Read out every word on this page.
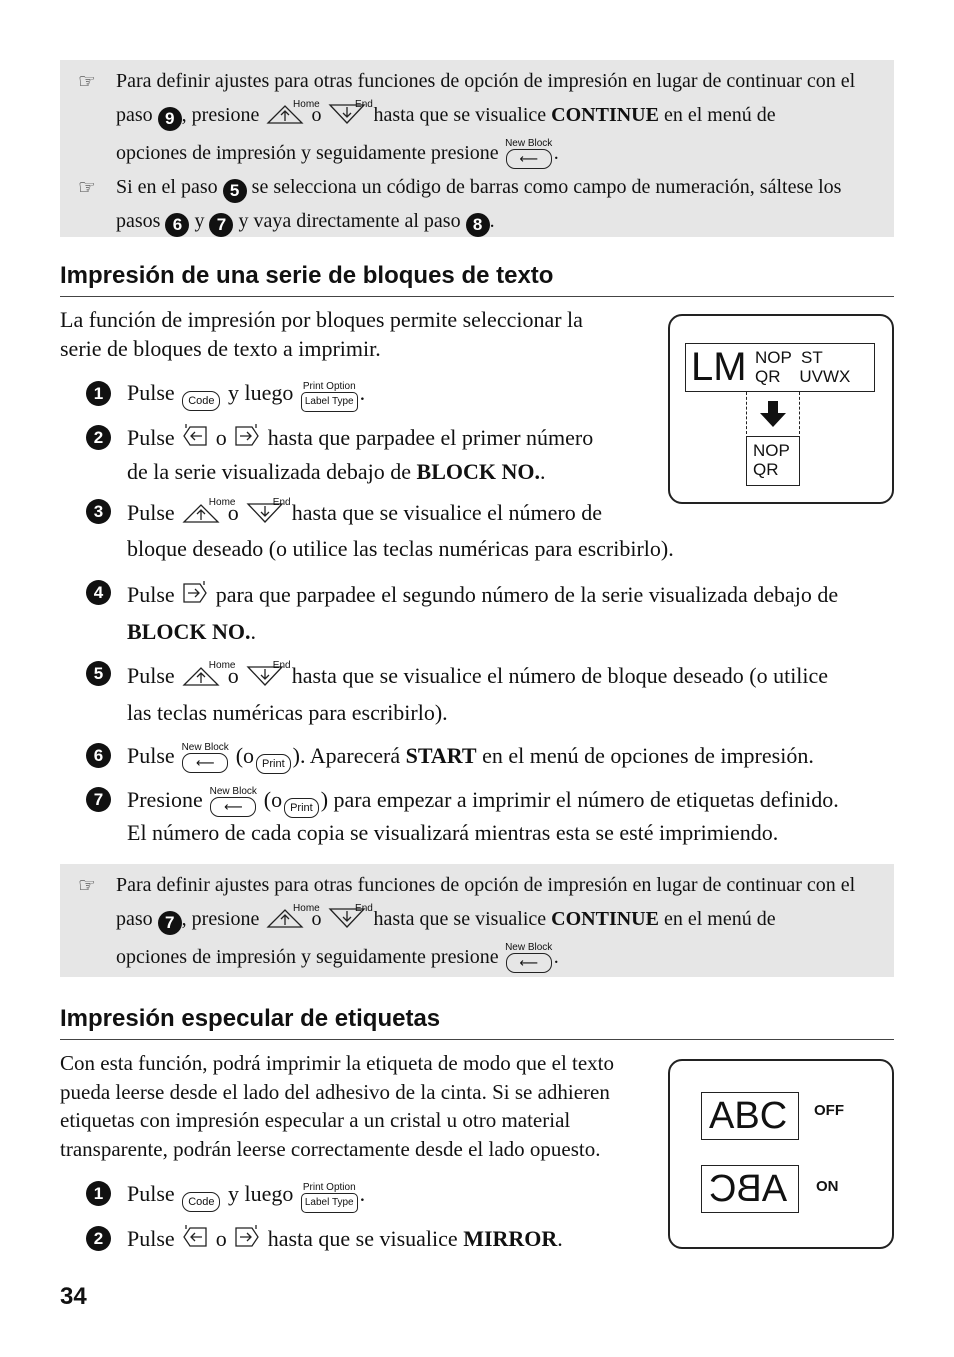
☞ Para definir ajustes para otras funciones de opción de impresión en lugar de continuar con el
paso 9 , presione	Home
o	End hasta que se visualice CONTINUE en el menú de
opciones de impresión y seguidamente presione ⟵
New Block .

☞ Si en el paso 5 se selecciona un código de barras como campo de numeración, sáltese los
pasos 6 y 7 y vaya directamente al paso 8 .

Impresión de una serie de bloques de texto
La función de impresión por bloques permite seleccionar la
serie de bloques de texto a imprimir.	LM NOP  ST
QR    UVWX
NOP
QR
1	Pulse Code y luego Label Type
Print Option .
2	Pulse o hasta que parpadee el primer número
de la serie visualizada debajo de BLOCK NO..
3	Pulse	Home
o	End hasta que se visualice el número de
bloque deseado (o utilice las teclas numéricas para escribirlo).
4	Pulse para que parpadee el segundo número de la serie visualizada debajo de
BLOCK NO..
5	Pulse	Home
o	End hasta que se visualice el número de bloque deseado (o utilice
las teclas numéricas para escribirlo).
6	Pulse ⟵
New Block (o Print ). Aparecerá START en el menú de opciones de impresión.
7	Presione ⟵
New Block (o Print ) para empezar a imprimir el número de etiquetas definido.
El número de cada copia se visualizará mientras esta se esté imprimiendo.

☞ Para definir ajustes para otras funciones de opción de impresión en lugar de continuar con el
paso 7 , presione	Home
o	End hasta que se visualice CONTINUE en el menú de
opciones de impresión y seguidamente presione ⟵
New Block .

Impresión especular de etiquetas
Con esta función, podrá imprimir la etiqueta de modo que el texto
pueda leerse desde el lado del adhesivo de la cinta. Si se adhieren
etiquetas con impresión especular a un cristal u otro material
transparente, podrán leerse correctamente desde el lado opuesto.
ABC OFF
ABC ON
1	Pulse Code y luego Label Type
Print Option .
2	Pulse o hasta que se visualice MIRROR.
34
